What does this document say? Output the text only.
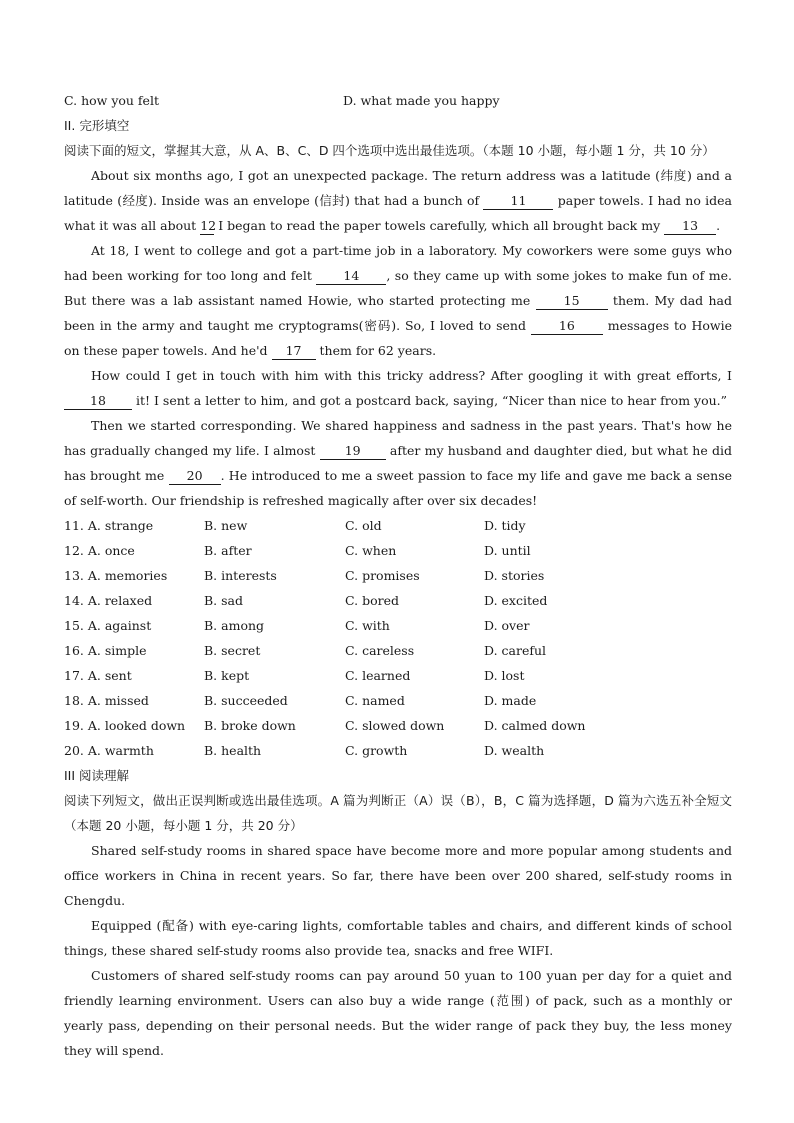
C. how you felt	D. what made you happy
II. 完形填空

阅读下面的短文，掌握其大意，从 A、B、C、D 四个选项中选出最佳选项。（本题 10 小题，每小题 1 分，共 10 分）

About six months ago, I got an unexpected package. The return address was a latitude (纬度) and a latitude (经度). Inside was an envelope (信封) that had a bunch of	11	paper towels. I had no idea what it was all about 12 I began to read the paper towels carefully, which all brought back my 13 .

At 18, I went to college and got a part-time job in a laboratory. My coworkers were some guys who had been working for too long and felt	14 , so they came up with some jokes to make fun of me. But there was a lab assistant named Howie, who started protecting me	15	them. My dad had been in the army and taught me cryptograms(密码). So, I loved to send	16	messages to Howie on these paper towels. And he'd 17 them for 62 years.

How could I get in touch with him with this tricky address? After googling it with great efforts, I 18 it! I sent a letter to him, and got a postcard back, saying, “Nicer than nice to hear from you.”

Then we started corresponding. We shared happiness and sadness in the past years. That's how he has gradually changed my life. I almost 19 after my husband and daughter died, but what he did has brought me 20 . He introduced to me a sweet passion to face my life and gave me back a sense of self-worth. Our friendship is refreshed magically after over six decades!

11. A. strange	B. new	C. old	D. tidy
12. A. once	B. after	C. when	D. until
13. A. memories	B. interests	C. promises	D. stories
14. A. relaxed	B. sad	C. bored	D. excited
15. A. against	B. among	C. with	D. over
16. A. simple	B. secret	C. careless	D. careful
17. A. sent	B. kept	C. learned	D. lost
18. A. missed	B. succeeded	C. named	D. made
19. A. looked down B. broke down	C. slowed down	D. calmed down
20. A. warmth	B. health	C. growth	D. wealth
III 阅读理解

阅读下列短文，做出正误判断或选出最佳选项。A 篇为判断正（A）误（B），B，C 篇为选择题，D 篇为六选五补全短文（本题 20 小题，每小题 1 分，共 20 分）

Shared self-study rooms in shared space have become more and more popular among students and office workers in China in recent years. So far, there have been over 200 shared, self-study rooms in Chengdu.

Equipped (配备) with eye-caring lights, comfortable tables and chairs, and different kinds of school things, these shared self-study rooms also provide tea, snacks and free WIFI.

Customers of shared self-study rooms can pay around 50 yuan to 100 yuan per day for a quiet and friendly learning environment. Users can also buy a wide range (范围) of pack, such as a monthly or yearly pass, depending on their personal needs. But the wider range of pack they buy, the less money they will spend.
